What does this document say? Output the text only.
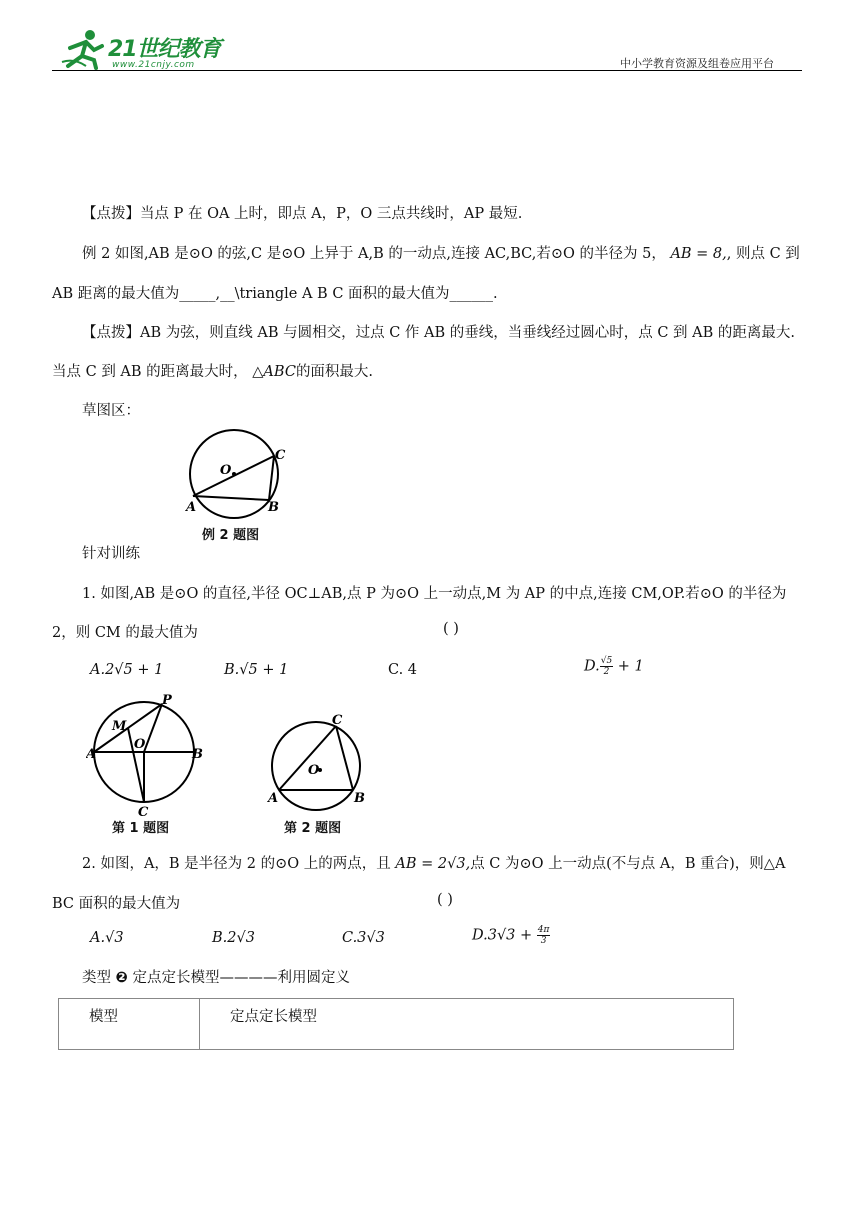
21世纪教育
www.21cnjy.com	中小学教育资源及组卷应用平台
【点拨】当点 P 在 OA 上时，即点 A，P，O 三点共线时，AP 最短.
例 2 如图,AB 是⊙O 的弦,C 是⊙O 上异于 A,B 的一动点,连接 AC,BC,若⊙O 的半径为 5， AB = 8,, 则点 C 到
AB 距离的最大值为_____,__\triangle A B C 面积的最大值为______.
【点拨】AB 为弦，则直线 AB 与圆相交，过点 C 作 AB 的垂线，当垂线经过圆心时，点 C 到 AB 的距离最大.
当点 C 到 AB 的距离最大时， △ABC的面积最大.
草图区：
O
A	B
C
例 2 题图
针对训练
1. 如图,AB 是⊙O 的直径,半径 OC⊥AB,点 P 为⊙O 上一动点,M 为 AP 的中点,连接 CM,OP.若⊙O 的半径为
2，则 CM 的最大值为	( )
A.2√5 + 1	B.√5 + 1	C. 4	D. $\frac{√5}{2} + 1$
P
M
O
A	B
C
第 1 题图
O
A	B
C
第 2 题图
2. 如图，A，B 是半径为 2 的⊙O 上的两点，且 AB = 2√3,点 C 为⊙O 上一动点(不与点 A，B 重合)，则△A
BC 面积的最大值为	( )
A.√3	B.2√3	C.3√3	$D.3√3 + \frac{4\pi}{3}$
类型 ❷ 定点定长模型————利用圆定义
模型	定点定长模型
